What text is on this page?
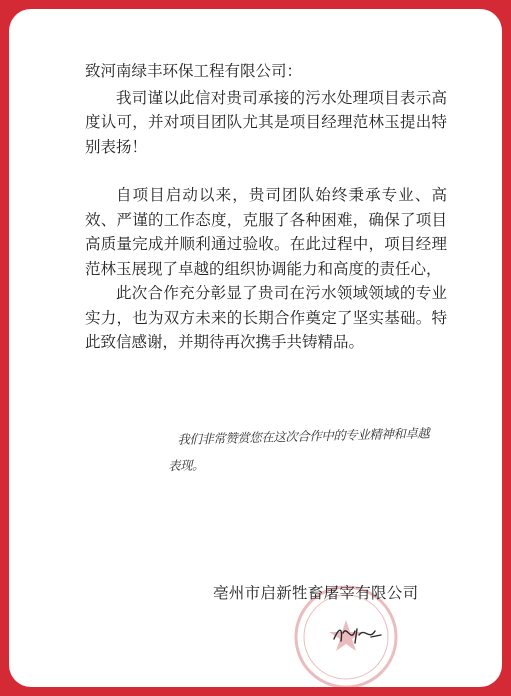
致河南绿丰环保工程有限公司：

我司谨以此信对贵司承接的污水处理项目表示高度认可，并对项目团队尤其是项目经理范林玉提出特别表扬！

自项目启动以来，贵司团队始终秉承专业、高效、严谨的工作态度，克服了各种困难，确保了项目高质量完成并顺利通过验收。在此过程中，项目经理范林玉展现了卓越的组织协调能力和高度的责任心，

此次合作充分彰显了贵司在污水领域领域的专业实力，也为双方未来的长期合作奠定了坚实基础。特此致信感谢，并期待再次携手共铸精品。

我们非常赞赏您在这次合作中的专业精神和卓越
表现。
亳州市启新牲畜屠宰有限公司
